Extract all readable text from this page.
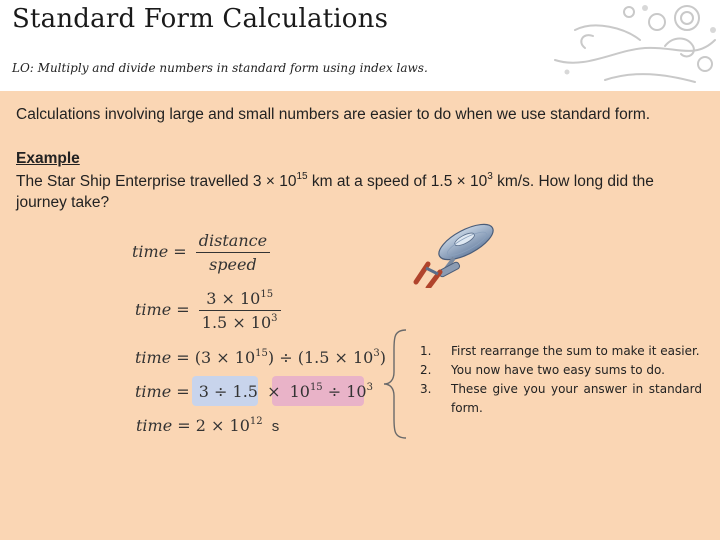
Standard Form Calculations
LO: Multiply and divide numbers in standard form using index laws.
Calculations involving large and small numbers are easier to do when we use standard form.
Example
The Star Ship Enterprise travelled $3 \times 10^{15}$ km at a speed of $1.5 \times 10^3$ km/s. How long did the journey take?
time = $\frac{\text{distance}}{\text{speed}}$
time = $\frac{3 \times 10^{15}}{1.5 \times 10^3}$
time = $(3 \times 10^{15}) \div (1.5 \times 10^3)$
time = $3 \div 1.5 \times 10^{15} \div 10^3$
time = $2 \times 10^{12}$ s
1. First rearrange the sum to make it easier.
2. You now have two easy sums to do.
3. These give you your answer in standard form.
